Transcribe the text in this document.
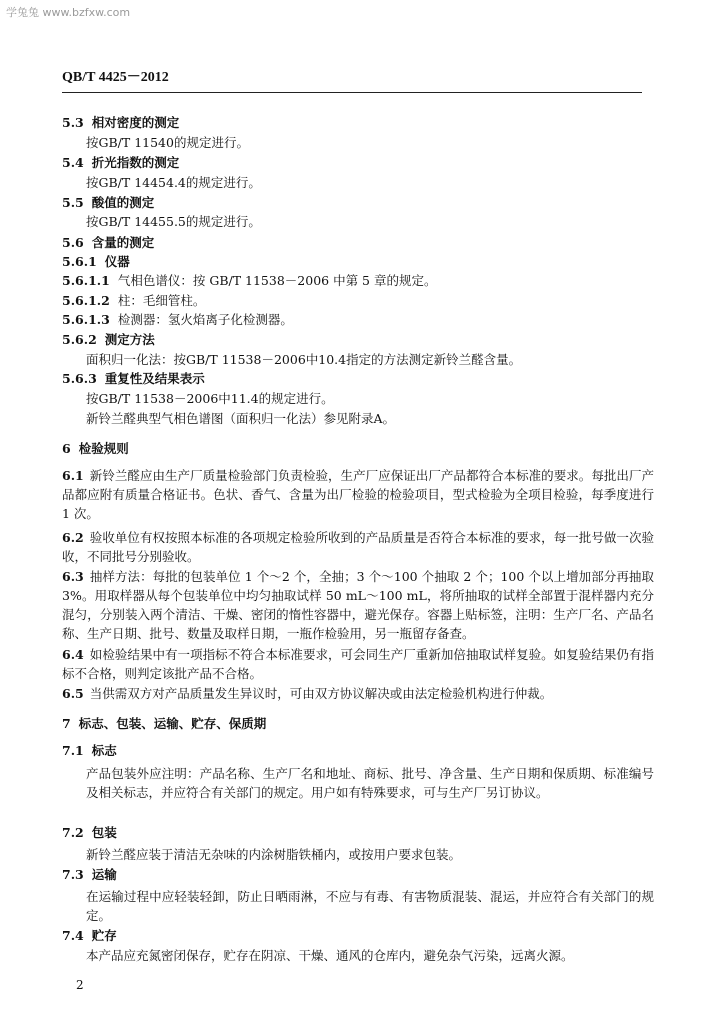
学兔兔 www.bzfxw.com
QB/T 4425－2012
5.3 相对密度的测定
按GB/T 11540的规定进行。
5.4 折光指数的测定
按GB/T 14454.4的规定进行。
5.5 酸值的测定
按GB/T 14455.5的规定进行。
5.6 含量的测定
5.6.1 仪器
5.6.1.1 气相色谱仪：按 GB/T 11538－2006 中第 5 章的规定。
5.6.1.2 柱：毛细管柱。
5.6.1.3 检测器：氢火焰离子化检测器。
5.6.2 测定方法
面积归一化法：按GB/T 11538－2006中10.4指定的方法测定新铃兰醛含量。
5.6.3 重复性及结果表示
按GB/T 11538－2006中11.4的规定进行。
新铃兰醛典型气相色谱图（面积归一化法）参见附录A。
6 检验规则
6.1 新铃兰醛应由生产厂质量检验部门负责检验，生产厂应保证出厂产品都符合本标准的要求。每批出厂产品都应附有质量合格证书。色状、香气、含量为出厂检验的检验项目，型式检验为全项目检验，每季度进行 1 次。
6.2 验收单位有权按照本标准的各项规定检验所收到的产品质量是否符合本标准的要求，每一批号做一次验收，不同批号分别验收。
6.3 抽样方法：每批的包装单位 1 个～2 个，全抽；3 个～100 个抽取 2 个；100 个以上增加部分再抽取 3%。用取样器从每个包装单位中均匀抽取试样 50 mL～100 mL，将所抽取的试样全部置于混样器内充分混匀，分别装入两个清洁、干燥、密闭的惰性容器中，避光保存。容器上贴标签，注明：生产厂名、产品名称、生产日期、批号、数量及取样日期，一瓶作检验用，另一瓶留存备查。
6.4 如检验结果中有一项指标不符合本标准要求，可会同生产厂重新加倍抽取试样复验。如复验结果仍有指标不合格，则判定该批产品不合格。
6.5 当供需双方对产品质量发生异议时，可由双方协议解决或由法定检验机构进行仲裁。
7 标志、包装、运输、贮存、保质期
7.1 标志
产品包装外应注明：产品名称、生产厂名和地址、商标、批号、净含量、生产日期和保质期、标准编号及相关标志，并应符合有关部门的规定。用户如有特殊要求，可与生产厂另订协议。
7.2 包装
新铃兰醛应装于清洁无杂味的内涂树脂铁桶内，或按用户要求包装。
7.3 运输
在运输过程中应轻装轻卸，防止日晒雨淋，不应与有毒、有害物质混装、混运，并应符合有关部门的规定。
7.4 贮存
本产品应充氮密闭保存，贮存在阴凉、干燥、通风的仓库内，避免杂气污染，远离火源。
2
